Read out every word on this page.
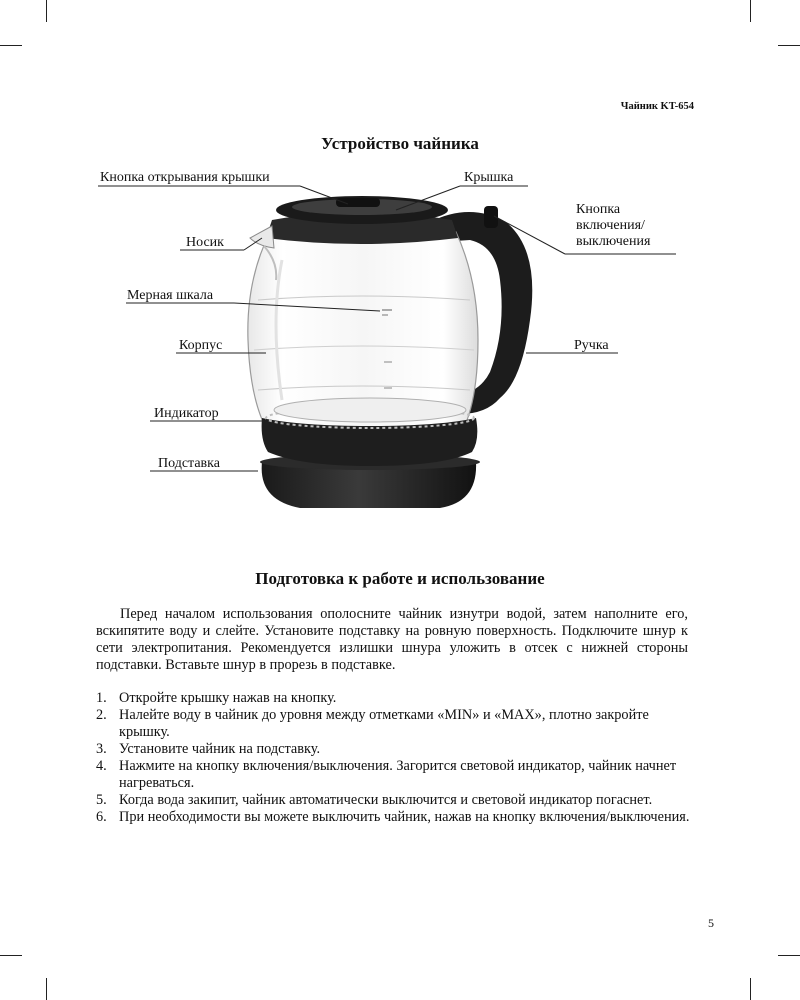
Чайник KT-654
Устройство чайника
Кнопка открывания крышки	Крышка
Кнопка
включения/
выключения
Носик
Мерная шкала
Корпус	Ручка
Индикатор
Подставка
Подготовка к работе и использование

Перед началом использования ополосните чайник изнутри водой, затем наполните его, вскипятите воду и слейте. Установите подставку на ровную поверхность. Подключите шнур к сети электропитания. Рекомендуется излишки шнура уложить в отсек с нижней стороны подставки. Вставьте шнур в прорезь в подставке.

1. Откройте крышку нажав на кнопку.
2. Налейте воду в чайник до уровня между отметками «MIN» и «MAX», плотно закройте крышку.
3. Установите чайник на подставку.
4. Нажмите на кнопку включения/выключения. Загорится световой индикатор, чайник начнет нагреваться.
5. Когда вода закипит, чайник автоматически выключится и световой индикатор погаснет.
6. При необходимости вы можете выключить чайник, нажав на кнопку включения/выключения.
5
